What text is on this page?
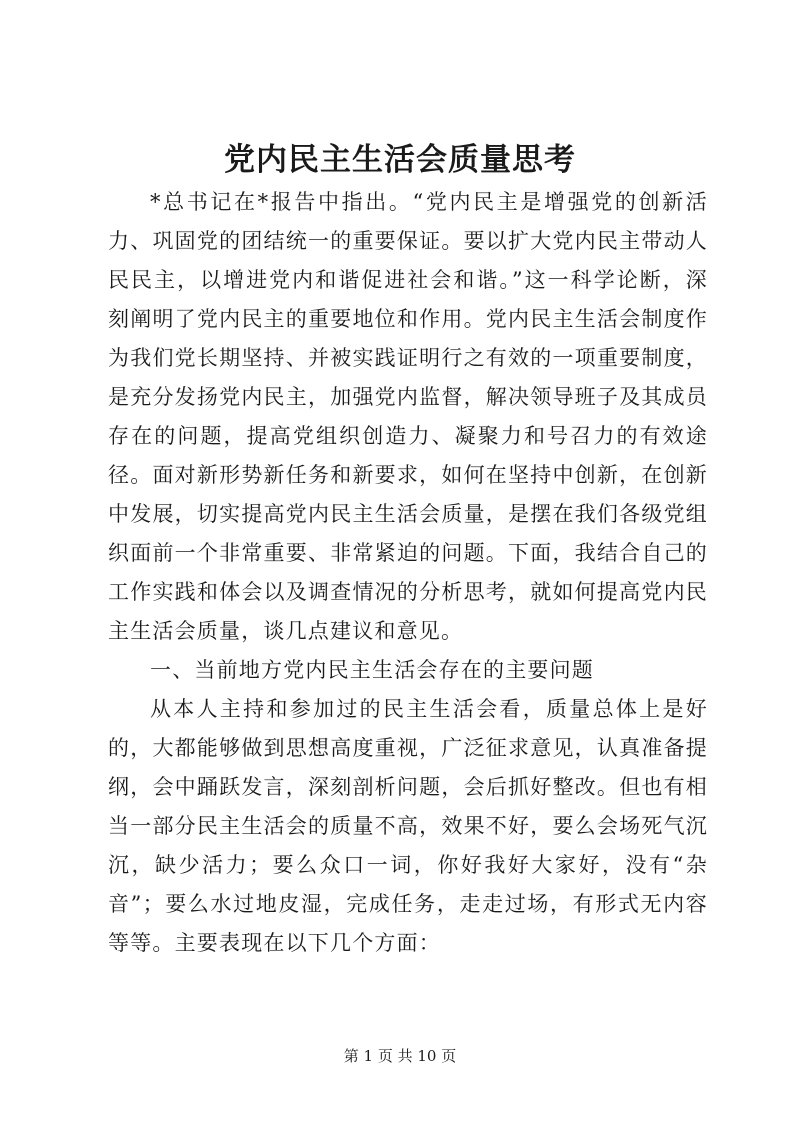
党内民主生活会质量思考

*总书记在*报告中指出。“党内民主是增强党的创新活力、巩固党的团结统一的重要保证。要以扩大党内民主带动人民民主，以增进党内和谐促进社会和谐。”这一科学论断，深刻阐明了党内民主的重要地位和作用。党内民主生活会制度作为我们党长期坚持、并被实践证明行之有效的一项重要制度，是充分发扬党内民主，加强党内监督，解决领导班子及其成员存在的问题，提高党组织创造力、凝聚力和号召力的有效途径。面对新形势新任务和新要求，如何在坚持中创新，在创新中发展，切实提高党内民主生活会质量，是摆在我们各级党组织面前一个非常重要、非常紧迫的问题。下面，我结合自己的工作实践和体会以及调查情况的分析思考，就如何提高党内民主生活会质量，谈几点建议和意见。

一、当前地方党内民主生活会存在的主要问题

从本人主持和参加过的民主生活会看，质量总体上是好的，大都能够做到思想高度重视，广泛征求意见，认真准备提纲，会中踊跃发言，深刻剖析问题，会后抓好整改。但也有相当一部分民主生活会的质量不高，效果不好，要么会场死气沉沉，缺少活力；要么众口一词，你好我好大家好，没有“杂音”；要么水过地皮湿，完成任务，走走过场，有形式无内容等等。主要表现在以下几个方面：

第 1 页 共 10 页
